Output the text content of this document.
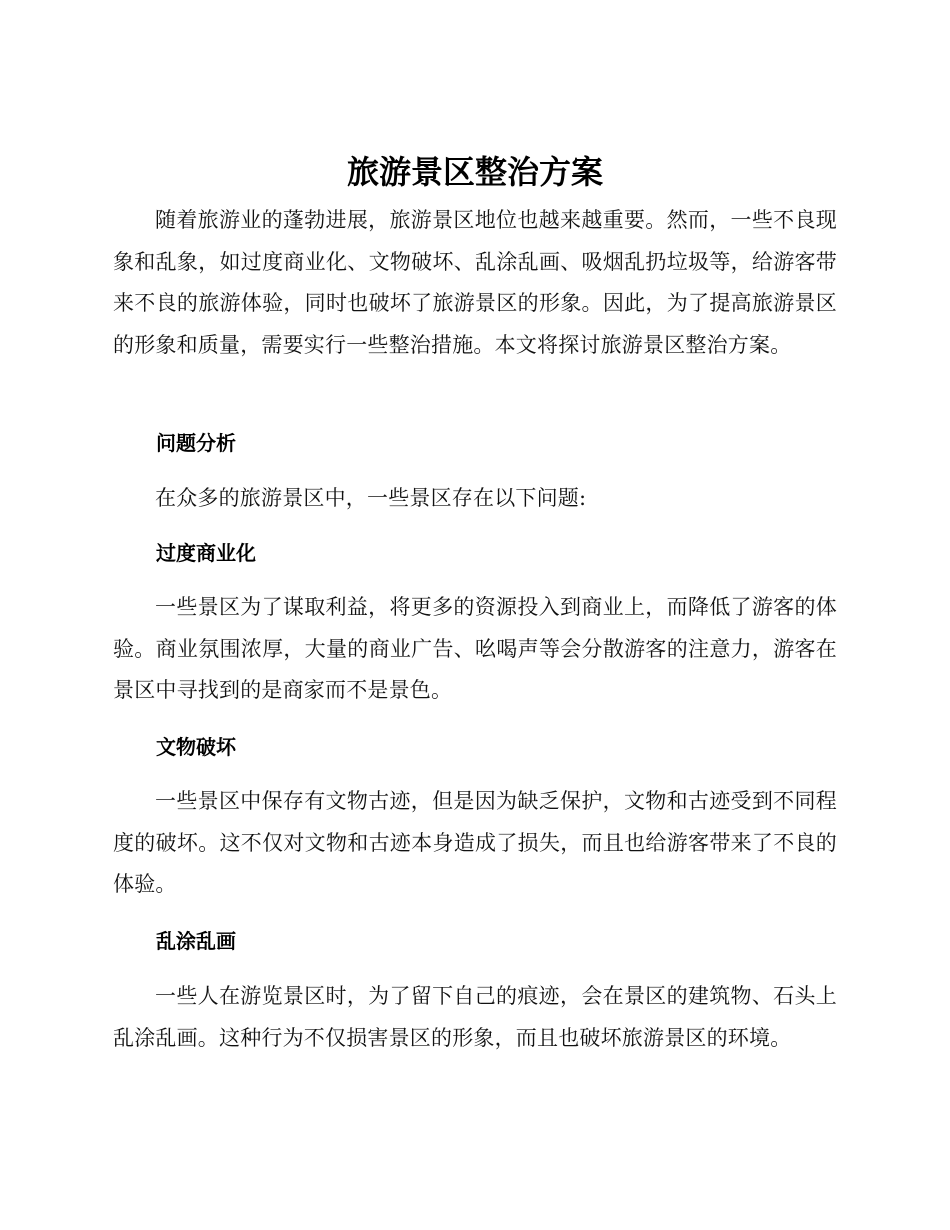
旅游景区整治方案

随着旅游业的蓬勃进展，旅游景区地位也越来越重要。然而，一些不良现象和乱象，如过度商业化、文物破坏、乱涂乱画、吸烟乱扔垃圾等，给游客带来不良的旅游体验，同时也破坏了旅游景区的形象。因此，为了提高旅游景区的形象和质量，需要实行一些整治措施。本文将探讨旅游景区整治方案。

问题分析

在众多的旅游景区中，一些景区存在以下问题:

过度商业化

一些景区为了谋取利益，将更多的资源投入到商业上，而降低了游客的体验。商业氛围浓厚，大量的商业广告、吆喝声等会分散游客的注意力，游客在景区中寻找到的是商家而不是景色。

文物破坏

一些景区中保存有文物古迹，但是因为缺乏保护，文物和古迹受到不同程度的破坏。这不仅对文物和古迹本身造成了损失，而且也给游客带来了不良的体验。

乱涂乱画

一些人在游览景区时，为了留下自己的痕迹，会在景区的建筑物、石头上乱涂乱画。这种行为不仅损害景区的形象，而且也破坏旅游景区的环境。
